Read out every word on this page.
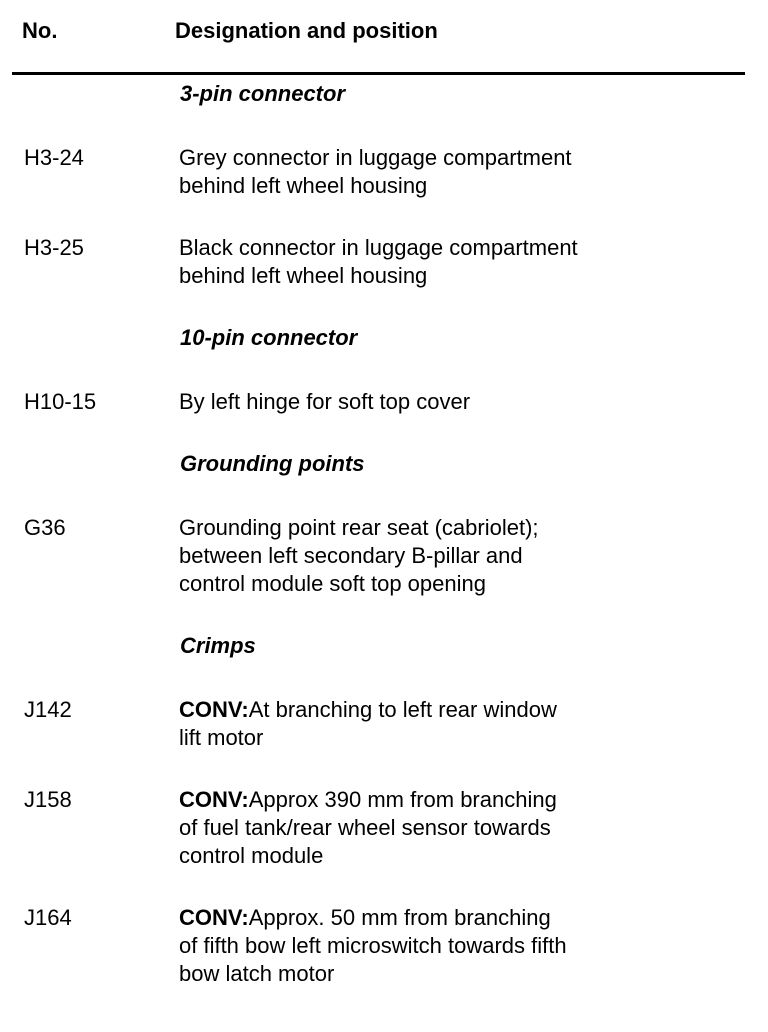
No.	Designation and position
3-pin connector
H3-24	Grey connector in luggage compartment
behind left wheel housing
H3-25	Black connector in luggage compartment
behind left wheel housing
10-pin connector
H10-15	By left hinge for soft top cover
Grounding points
G36	Grounding point rear seat (cabriolet);
between left secondary B-pillar and
control module soft top opening
Crimps
J142	CONV:At branching to left rear window
lift motor
J158	CONV:Approx 390 mm from branching
of fuel tank/rear wheel sensor towards
control module
J164	CONV:Approx. 50 mm from branching
of fifth bow left microswitch towards fifth
bow latch motor
